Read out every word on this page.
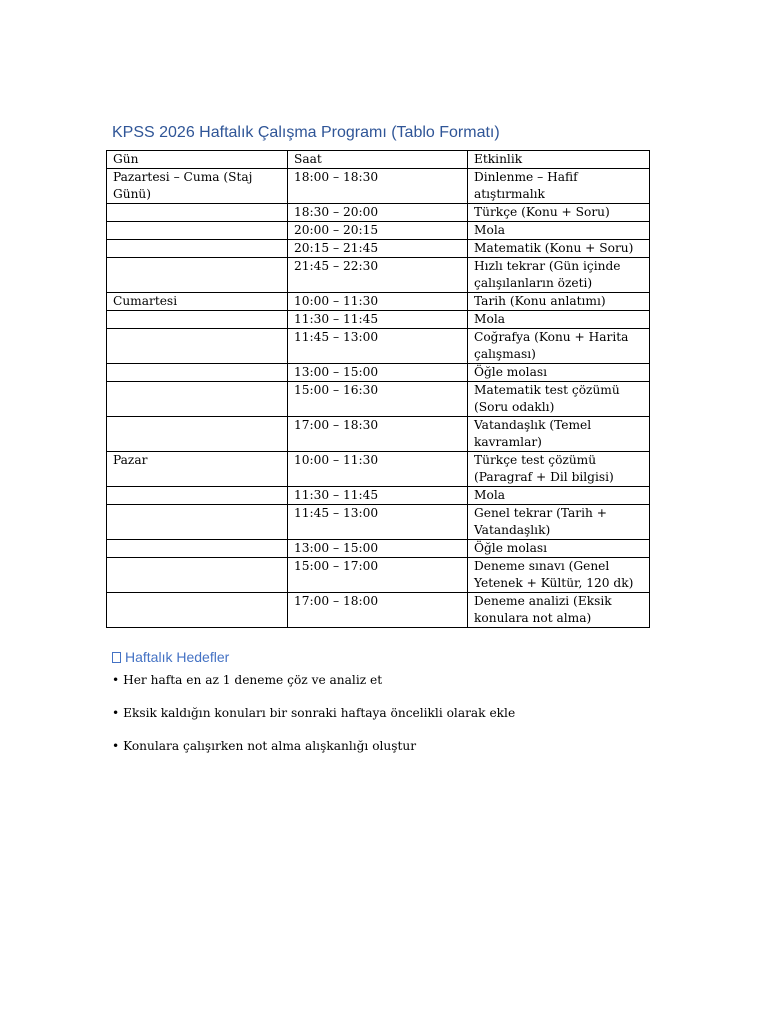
KPSS 2026 Haftalık Çalışma Programı (Tablo Formatı)
Gün	Saat	Etkinlik
Pazartesi – Cuma (Staj Günü)	18:00 – 18:30	Dinlenme – Hafif atıştırmalık
	18:30 – 20:00	Türkçe (Konu + Soru)
	20:00 – 20:15	Mola
	20:15 – 21:45	Matematik (Konu + Soru)
	21:45 – 22:30	Hızlı tekrar (Gün içinde çalışılanların özeti)
Cumartesi	10:00 – 11:30	Tarih (Konu anlatımı)
	11:30 – 11:45	Mola
	11:45 – 13:00	Coğrafya (Konu + Harita çalışması)
	13:00 – 15:00	Öğle molası
	15:00 – 16:30	Matematik test çözümü (Soru odaklı)
	17:00 – 18:30	Vatandaşlık (Temel kavramlar)
Pazar	10:00 – 11:30	Türkçe test çözümü (Paragraf + Dil bilgisi)
	11:30 – 11:45	Mola
	11:45 – 13:00	Genel tekrar (Tarih + Vatandaşlık)
	13:00 – 15:00	Öğle molası
	15:00 – 17:00	Deneme sınavı (Genel Yetenek + Kültür, 120 dk)
	17:00 – 18:00	Deneme analizi (Eksik konulara not alma)
Haftalık Hedefler
• Her hafta en az 1 deneme çöz ve analiz et
• Eksik kaldığın konuları bir sonraki haftaya öncelikli olarak ekle
• Konulara çalışırken not alma alışkanlığı oluştur
